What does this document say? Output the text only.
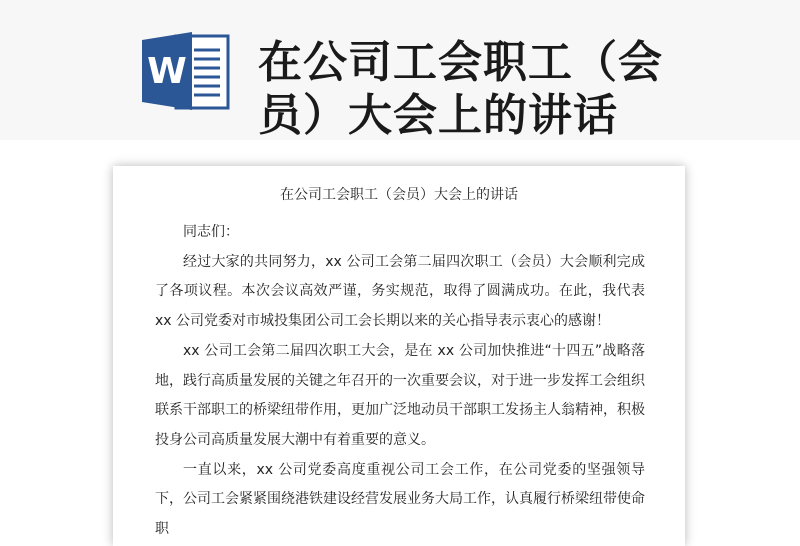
W 在公司工会职工（会员）大会上的讲话
在公司工会职工（会员）大会上的讲话

同志们：

经过大家的共同努力，xx 公司工会第二届四次职工（会员）大会顺利完成了各项议程。本次会议高效严谨，务实规范，取得了圆满成功。在此，我代表 xx 公司党委对市城投集团公司工会长期以来的关心指导表示衷心的感谢！

xx 公司工会第二届四次职工大会，是在 xx 公司加快推进“十四五”战略落地，践行高质量发展的关键之年召开的一次重要会议，对于进一步发挥工会组织联系干部职工的桥梁纽带作用，更加广泛地动员干部职工发扬主人翁精神，积极投身公司高质量发展大潮中有着重要的意义。

一直以来，xx 公司党委高度重视公司工会工作，在公司党委的坚强领导下，公司工会紧紧围绕港铁建设经营发展业务大局工作，认真履行桥梁纽带使命职
